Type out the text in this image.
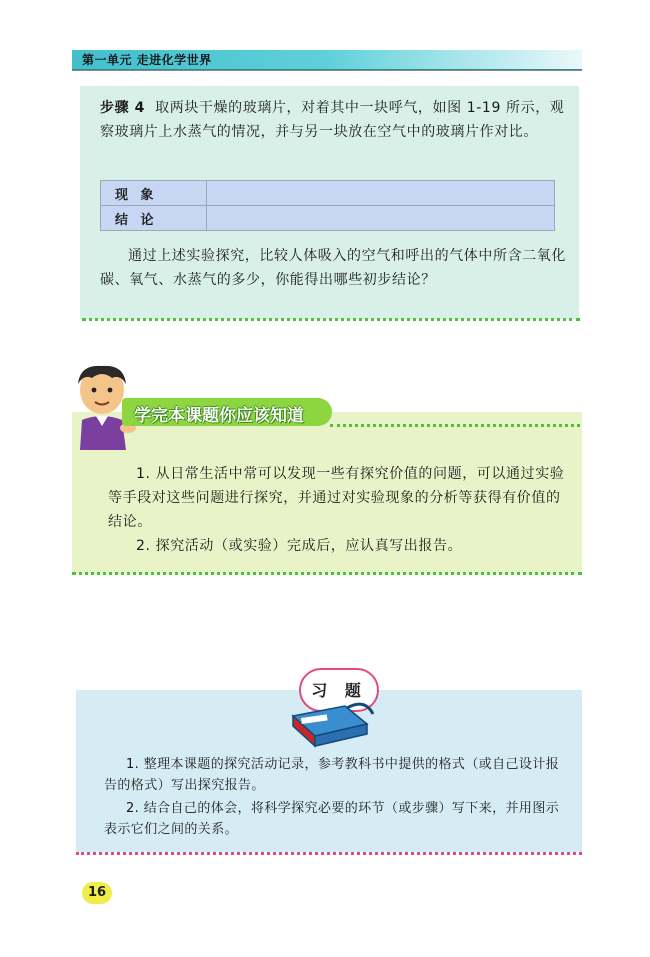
第一单元 走进化学世界
步骤 4 取两块干燥的玻璃片，对着其中一块呼气，如图 1-19 所示，观察玻璃片上水蒸气的情况，并与另一块放在空气中的玻璃片作对比。
现 象	
结 论	
通过上述实验探究，比较人体吸入的空气和呼出的气体中所含二氧化碳、氧气、水蒸气的多少，你能得出哪些初步结论？
学完本课题你应该知道

1. 从日常生活中常可以发现一些有探究价值的问题，可以通过实验等手段对这些问题进行探究，并通过对实验现象的分析等获得有价值的结论。

2. 探究活动（或实验）完成后，应认真写出报告。

习 题

1. 整理本课题的探究活动记录，参考教科书中提供的格式（或自己设计报告的格式）写出探究报告。

2. 结合自己的体会，将科学探究必要的环节（或步骤）写下来，并用图示表示它们之间的关系。

16
